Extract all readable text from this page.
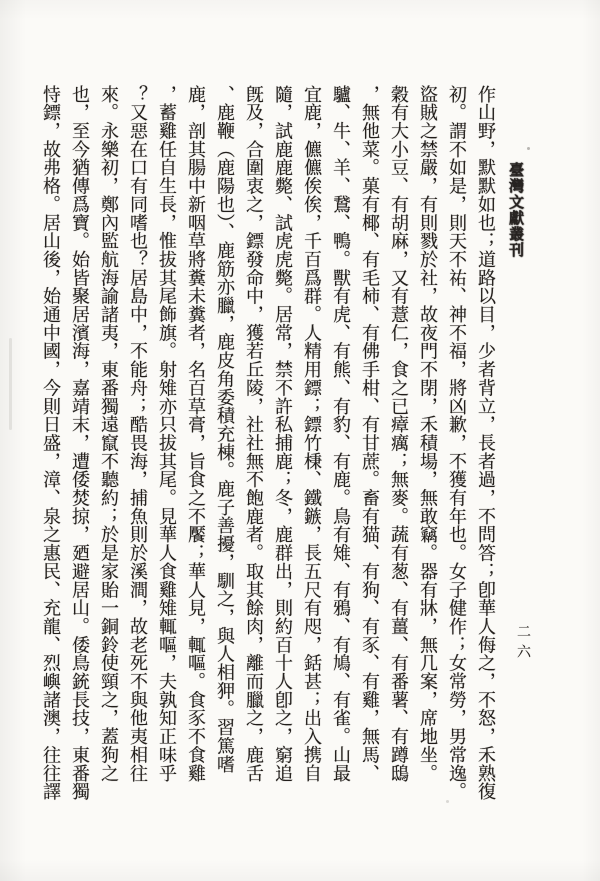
臺灣文獻叢刊
二六
作山野，默默如也；道路以目，少者背立，長者過，不問答；卽華人侮之，不怒，禾熟復
初。謂不如是，則天不祐、神不福，將凶歉，不獲有年也。女子健作；女常勞，男常逸。
盜賊之禁嚴，有則戮於社，故夜門不閉，禾積場，無敢竊。器有牀，無几案，席地坐。
穀有大小豆、有胡麻，又有薏仁，食之已瘴癘；無麥。蔬有葱、有薑、有番薯、有蹲鴟
，無他菜。菓有椰、有毛柿、有佛手柑、有甘蔗。畜有猫、有狗、有豕、有雞，無馬、
驢、牛、羊、鵞、鴨。獸有虎、有熊、有豹、有鹿。鳥有雉、有鴉、有鳩、有雀。山最
宜鹿，儦儦俟俟，千百爲群。人精用鏢；鏢竹棅、鐵鏃，長五尺有咫，銛甚；出入携自
隨，試鹿鹿斃、試虎虎斃。居常，禁不許私捕鹿；冬，鹿群出，則約百十人卽之，窮追
旣及，合圍衷之，鏢發命中，獲若丘陵，社社無不飽鹿者。取其餘肉，離而臘之，鹿舌
、鹿鞭（鹿陽也）、鹿筋亦臘，鹿皮角委積充棟。鹿子善擾，馴之，與人相狎。習篤嗜
鹿，剖其腸中新咽草將糞未糞者，名百草膏，旨食之不饜；華人見，輒嘔。食豕不食雞
，蓄雞任自生長，惟拔其尾飾旗。射雉亦只拔其尾。見華人食雞雉輒嘔，夫孰知正味乎
？又惡在口有同嗜也？居島中，不能舟；酷畏海，捕魚則於溪澗，故老死不與他夷相往
來。永樂初，鄭內監航海諭諸夷，東番獨遠竄不聽約；於是家貽一銅鈴使頸之，蓋狗之
也，至今猶傳爲寶。始皆聚居濱海，嘉靖末，遭倭焚掠，廼避居山。倭鳥銃長技，東番獨
恃鏢，故弗格。居山後，始通中國，今則日盛，漳、泉之惠民、充龍、烈嶼諸澳，往往譯
